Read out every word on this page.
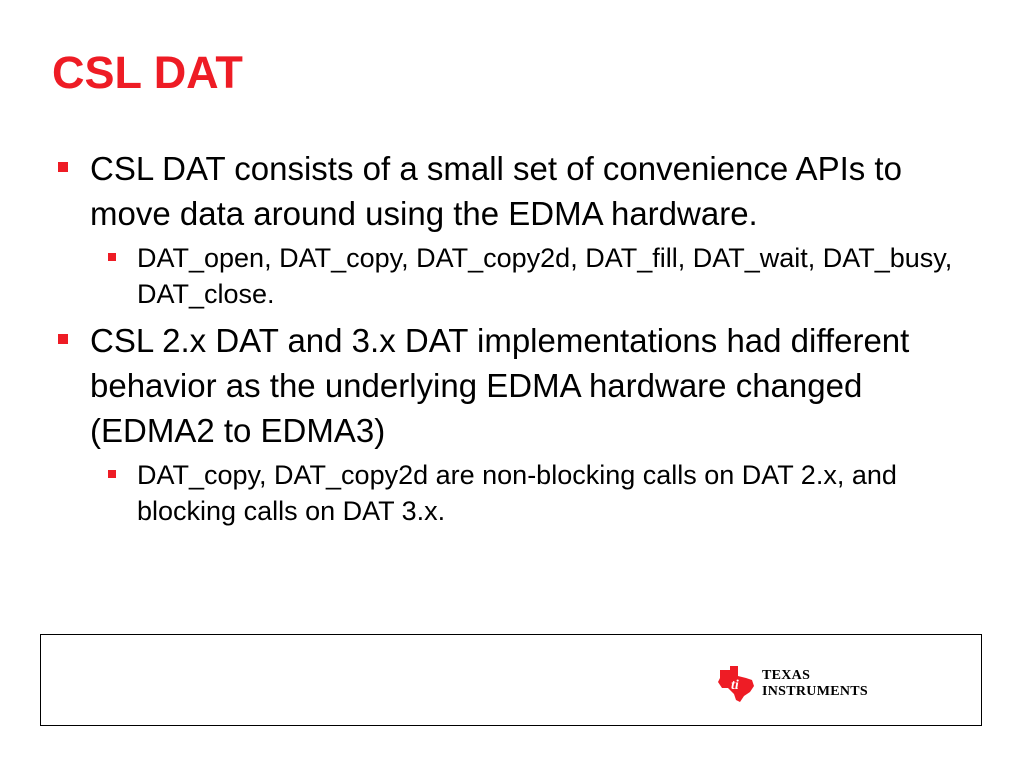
CSL DAT
CSL DAT consists of a small set of convenience APIs to move data around using the EDMA hardware.
DAT_open, DAT_copy, DAT_copy2d, DAT_fill, DAT_wait, DAT_busy, DAT_close.
CSL 2.x DAT and 3.x DAT implementations had different behavior as the underlying EDMA hardware changed (EDMA2 to EDMA3)
DAT_copy, DAT_copy2d are non-blocking calls on DAT 2.x, and blocking calls on DAT 3.x.
ti
TEXAS
INSTRUMENTS
